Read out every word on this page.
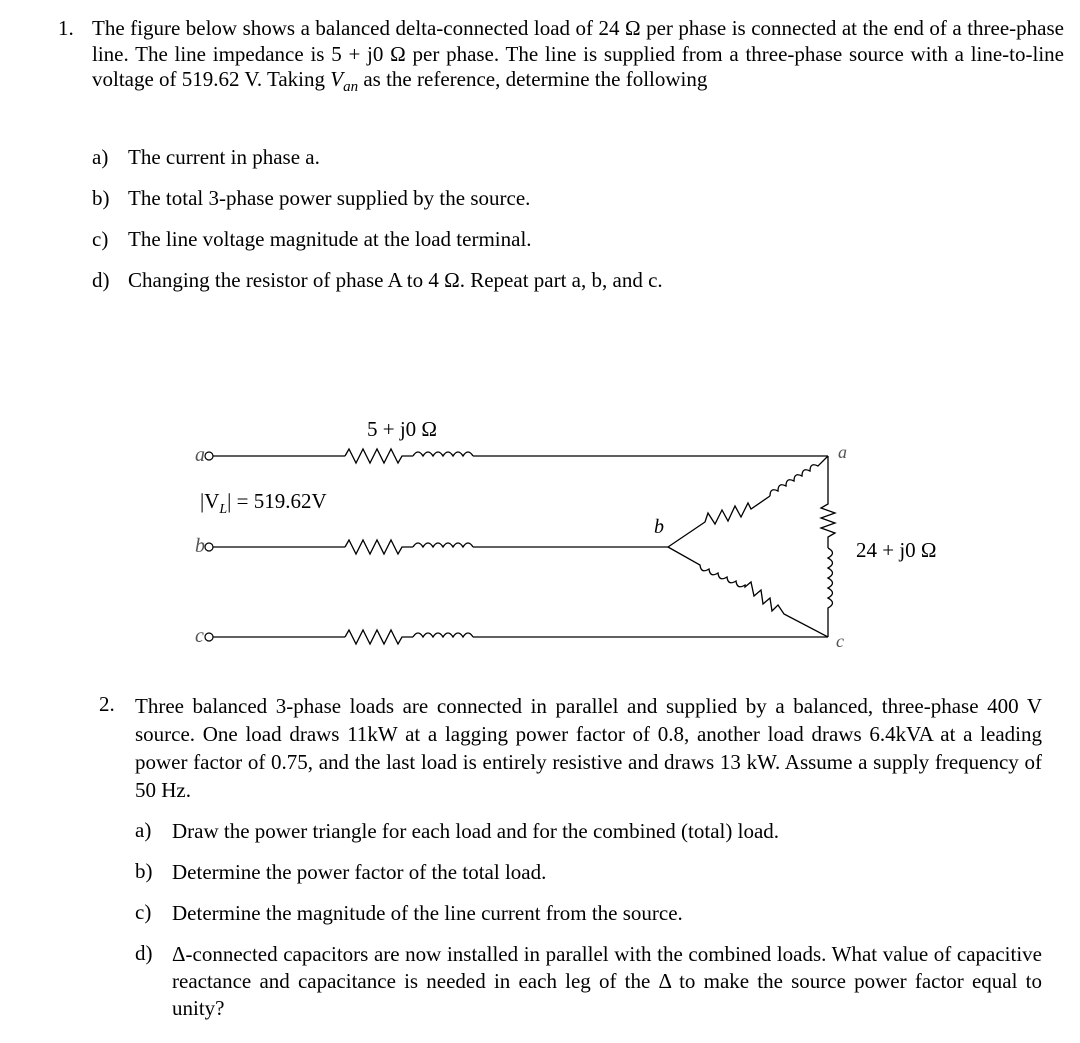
1. The figure below shows a balanced delta-connected load of 24 Ω per phase is connected at the end of a three-phase line. The line impedance is 5 + j0 Ω per phase. The line is supplied from a three-phase source with a line-to-line voltage of 519.62 V. Taking $V_{an}$ as the reference, determine the following
a) The current in phase a.
b) The total 3-phase power supplied by the source.
c) The line voltage magnitude at the load terminal.
d) Changing the resistor of phase A to 4 Ω. Repeat part a, b, and c.
a
b
c
a
b
c
5 + j0 Ω
$|V_L| = 519.62V$
24 + j0 Ω
2. Three balanced 3-phase loads are connected in parallel and supplied by a balanced, three-phase 400 V source. One load draws 11kW at a lagging power factor of 0.8, another load draws 6.4kVA at a leading power factor of 0.75, and the last load is entirely resistive and draws 13 kW. Assume a supply frequency of 50 Hz.
a) Draw the power triangle for each load and for the combined (total) load.
b) Determine the power factor of the total load.
c) Determine the magnitude of the line current from the source.
d) Δ-connected capacitors are now installed in parallel with the combined loads. What value of capacitive reactance and capacitance is needed in each leg of the Δ to make the source power factor equal to unity?
